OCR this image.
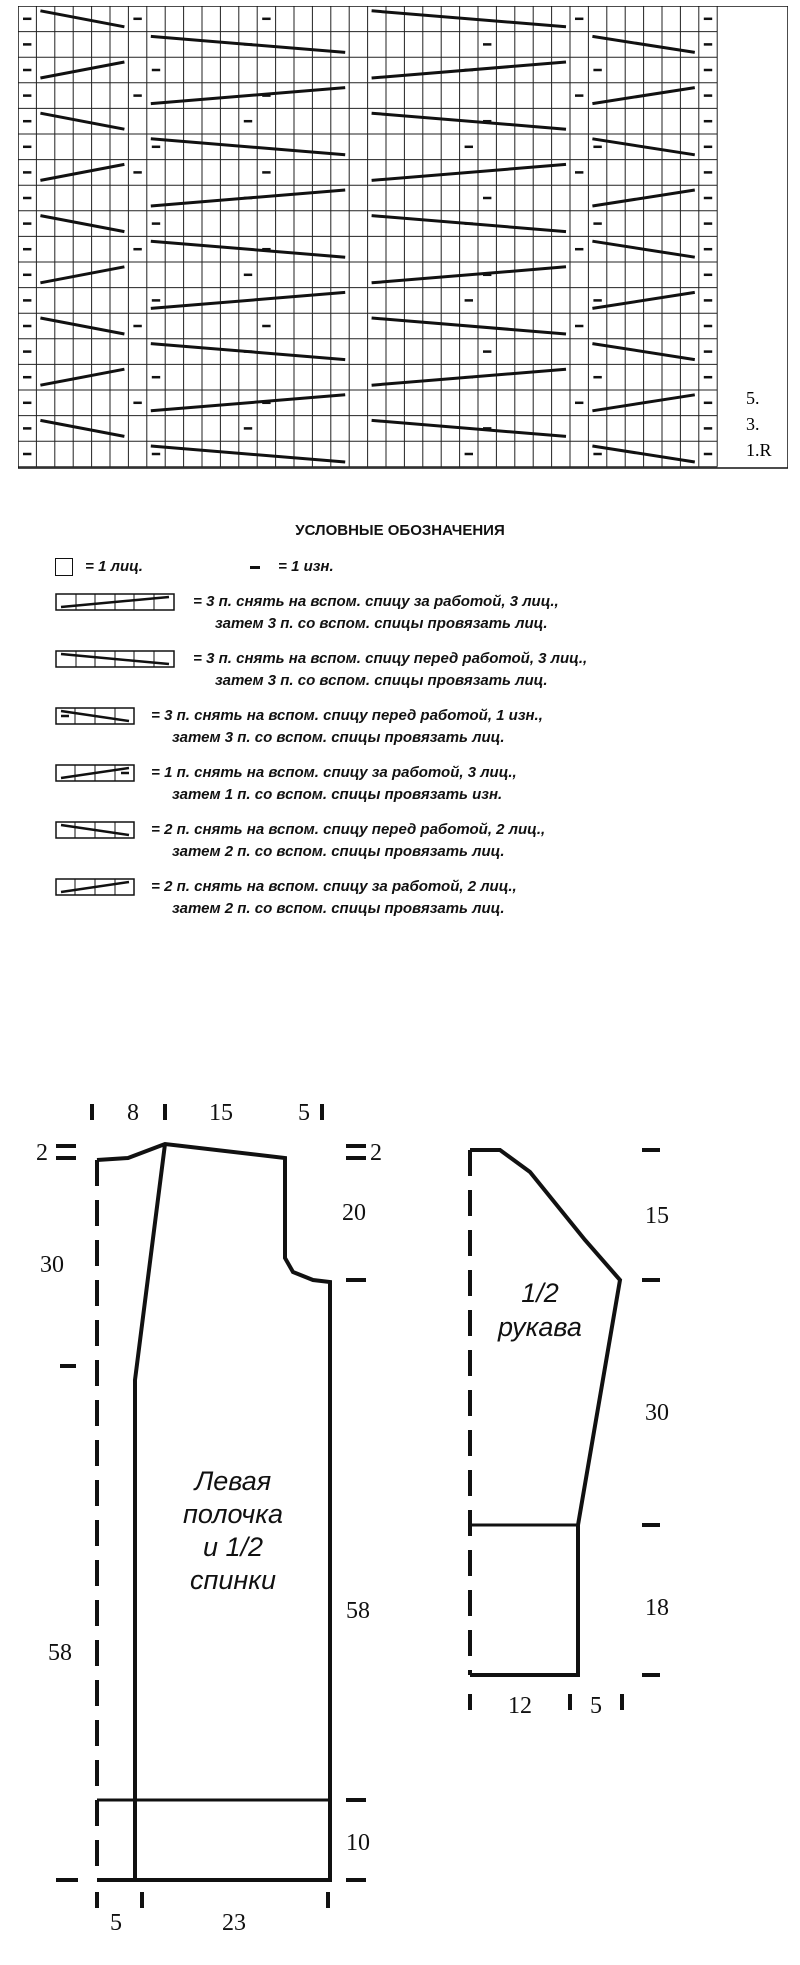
5.
3.
1.R
УСЛОВНЫЕ ОБОЗНАЧЕНИЯ
= 1 лиц.	= 1 изн.
= 3 п. снять на вспом. спицу за работой, 3 лиц.,
затем 3 п. со вспом. спицы провязать лиц.
= 3 п. снять на вспом. спицу перед работой, 3 лиц.,
затем 3 п. со вспом. спицы провязать лиц.
= 3 п. снять на вспом. спицу перед работой, 1 изн.,
затем 3 п. со вспом. спицы провязать лиц.
= 1 п. снять на вспом. спицу за работой, 3 лиц.,
затем 1 п. со вспом. спицы провязать изн.
= 2 п. снять на вспом. спицу перед работой, 2 лиц.,
затем 2 п. со вспом. спицы провязать лиц.
= 2 п. снять на вспом. спицу за работой, 2 лиц.,
затем 2 п. со вспом. спицы провязать лиц.
8	15	5
2	2
20
30
58
58
10
5	23
Левая
полочка
и 1/2
спинки
15
30
18
12 5
1/2
рукава
